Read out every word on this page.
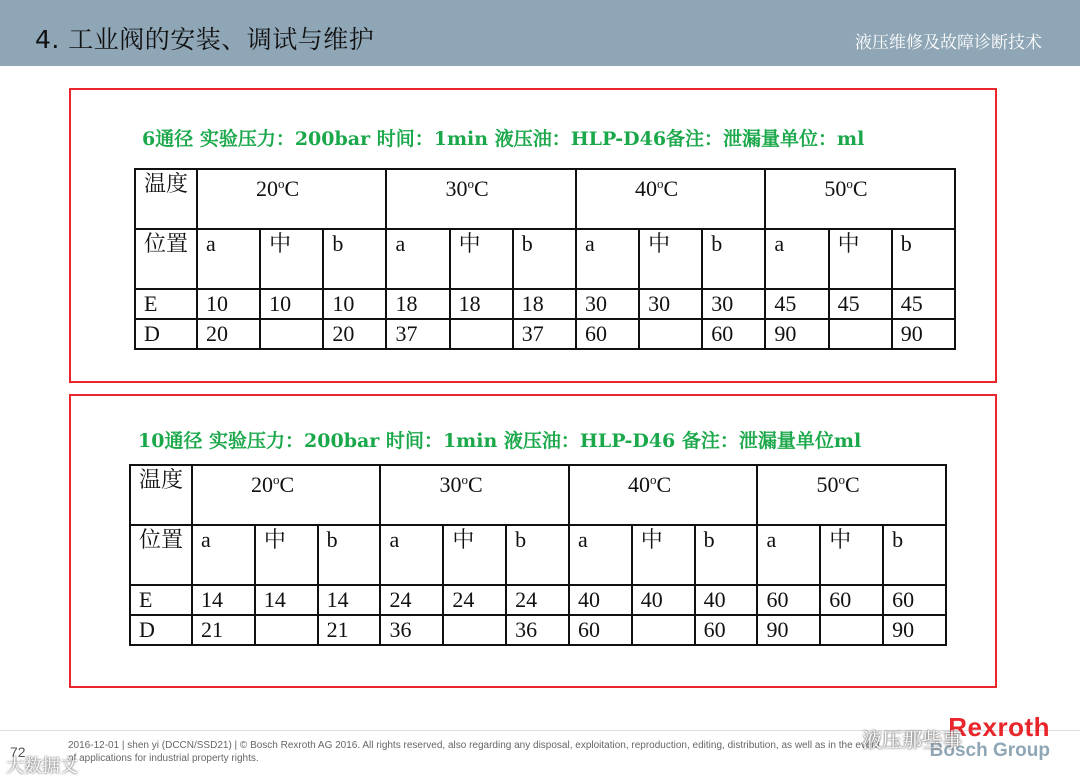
4. 工业阀的安装、调试与维护	液压维修及故障诊断技术
6通径 实验压力：200bar 时间：1min 液压油：HLP-D46备注：泄漏量单位：ml
温度	20$^o$C			30$^o$C			40$^o$C			50$^o$C		
位置	a	中	b	a	中	b	a	中	b	a	中	b
E	10	10	10	18	18	18	30	30	30	45	45	45
D	20		20	37		37	60		60	90		90
10通径 实验压力：200bar 时间：1min 液压油：HLP-D46 备注：泄漏量单位ml
温度	20$^o$C			30$^o$C			40$^o$C			50$^o$C		
位置	a	中	b	a	中	b	a	中	b	a	中	b
E	14	14	14	24	24	24	40	40	40	60	60	60
D	21		21	36		36	60		60	90		90
72	2016-12-01 | shen yi (DCCN/SSD21) | © Bosch Rexroth AG 2016. All rights reserved, also regarding any disposal, exploitation, reproduction, editing, distribution, as well as in the event of applications for industrial property rights.
Rexroth
Bosch Group
大数据文
液压那些事
